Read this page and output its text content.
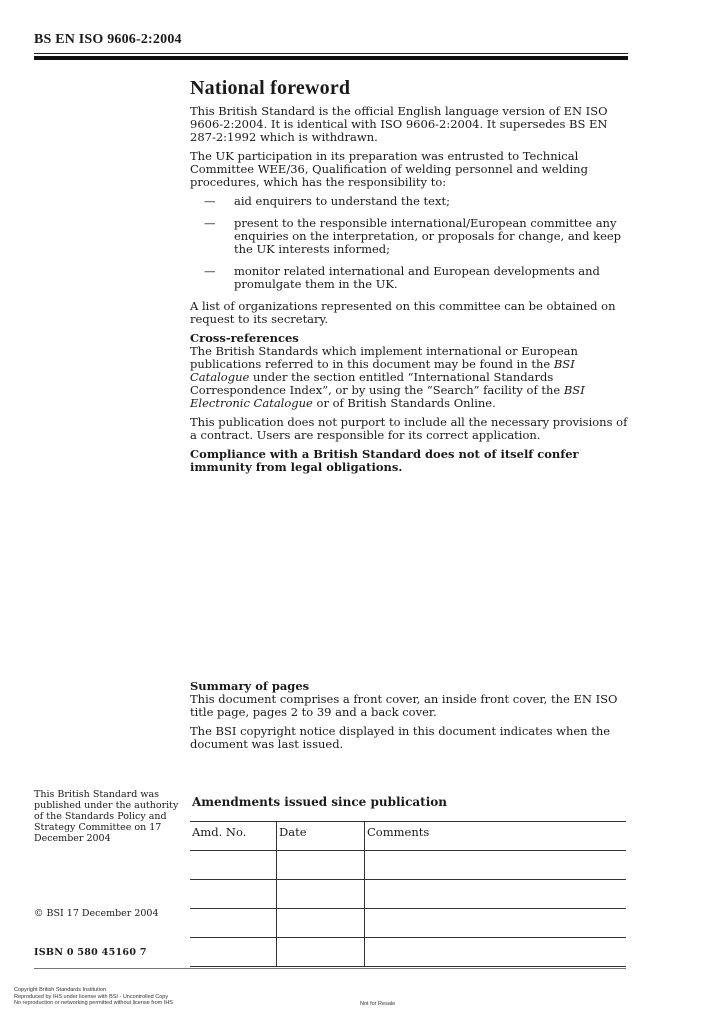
BS EN ISO 9606-2:2004
National foreword

This British Standard is the official English language version of EN ISO 9606-2:2004. It is identical with ISO 9606-2:2004. It supersedes BS EN 287-2:1992 which is withdrawn.

The UK participation in its preparation was entrusted to Technical Committee WEE/36, Qualification of welding personnel and welding procedures, which has the responsibility to:

— aid enquirers to understand the text;
— present to the responsible international/European committee any enquiries on the interpretation, or proposals for change, and keep the UK interests informed;
— monitor related international and European developments and promulgate them in the UK.

A list of organizations represented on this committee can be obtained on request to its secretary.

Cross-references

The British Standards which implement international or European publications referred to in this document may be found in the BSI Catalogue under the section entitled “International Standards Correspondence Index”, or by using the “Search” facility of the BSI Electronic Catalogue or of British Standards Online.

This publication does not purport to include all the necessary provisions of a contract. Users are responsible for its correct application.

Compliance with a British Standard does not of itself confer immunity from legal obligations.

Summary of pages

This document comprises a front cover, an inside front cover, the EN ISO title page, pages 2 to 39 and a back cover.

The BSI copyright notice displayed in this document indicates when the document was last issued.

This British Standard was published under the authority of the Standards Policy and Strategy Committee on 17 December 2004
© BSI 17 December 2004
ISBN 0 580 45160 7
Amendments issued since publication
Amd. No.	Date	Comments

Copyright British Standards Institution
Reproduced by IHS under license with BSI - Uncontrolled Copy
No reproduction or networking permitted without license from IHS	Not for Resale
